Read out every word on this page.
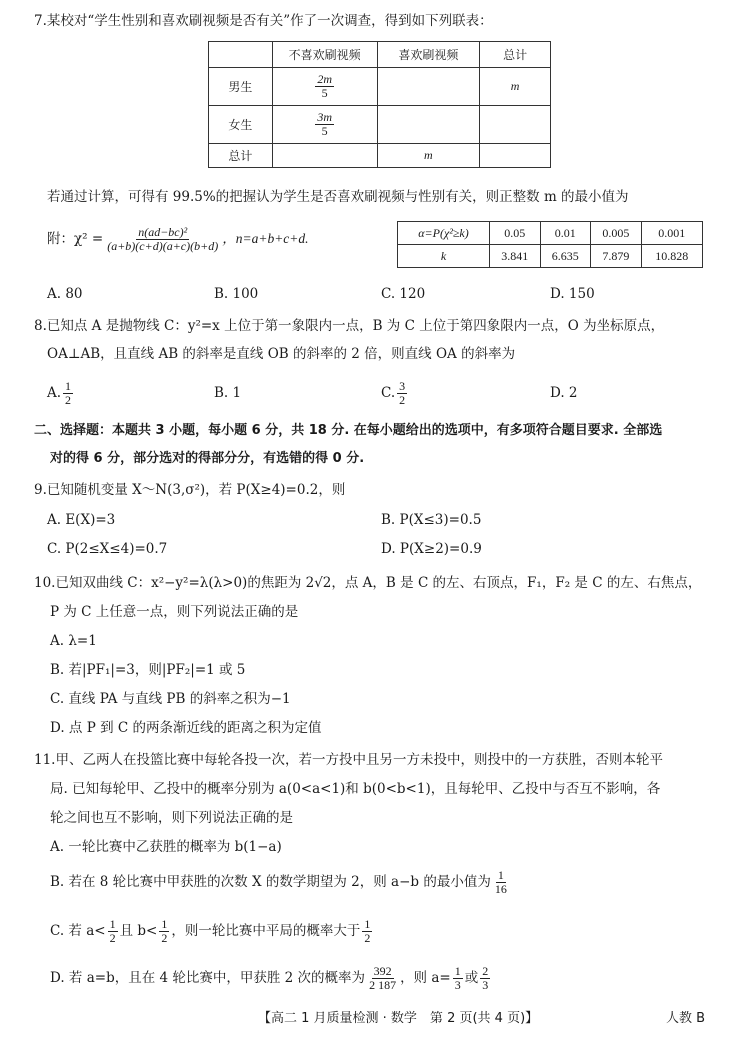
7.某校对“学生性别和喜欢刷视频是否有关”作了一次调查，得到如下列联表：
	不喜欢刷视频	喜欢刷视频	总计
男生	$\frac{2m}{5}$		m
女生	$\frac{3m}{5}$

总计		m	
若通过计算，可得有 99.5%的把握认为学生是否喜欢刷视频与性别有关，则正整数 m 的最小值为
附：$\chi^2 = \frac{\text{n(ad−bc)²}}{(a+b)(c+d)(a+c)(b+d)}$ ，n=a+b+c+d.	α=P(χ²≥k)	0.05	0.01	0.005	0.001
k	3.841	6.635	7.879	10.828
A. 80	B. 100	C. 120	D. 150
8.已知点 A 是抛物线 C：y²=x 上位于第一象限内一点，B 为 C 上位于第四象限内一点，O 为坐标原点，
OA⊥AB，且直线 AB 的斜率是直线 OB 的斜率的 2 倍，则直线 OA 的斜率为
A. $\frac{1}{2}$	B. 1	C. $\frac{3}{2}$	D. 2
二、选择题：本题共 3 小题，每小题 6 分，共 18 分. 在每小题给出的选项中，有多项符合题目要求. 全部选
对的得 6 分，部分选对的得部分分，有选错的得 0 分.
9.已知随机变量 X～N(3,σ²)，若 P(X≥4)=0.2，则
A. E(X)=3	B. P(X≤3)=0.5
C. P(2≤X≤4)=0.7	D. P(X≥2)=0.9
10.已知双曲线 C：x²−y²=λ(λ>0)的焦距为 2√2，点 A，B 是 C 的左、右顶点，F₁，F₂ 是 C 的左、右焦点，
P 为 C 上任意一点，则下列说法正确的是
A. λ=1
B. 若|PF₁|=3，则|PF₂|=1 或 5
C. 直线 PA 与直线 PB 的斜率之积为−1
D. 点 P 到 C 的两条渐近线的距离之积为定值
11.甲、乙两人在投篮比赛中每轮各投一次，若一方投中且另一方未投中，则投中的一方获胜，否则本轮平
局. 已知每轮甲、乙投中的概率分别为 a(0<a<1)和 b(0<b<1)，且每轮甲、乙投中与否互不影响，各
轮之间也互不影响，则下列说法正确的是
A. 一轮比赛中乙获胜的概率为 b(1−a)
B. 若在 8 轮比赛中甲获胜的次数 X 的数学期望为 2，则 a−b 的最小值为 $\frac{1}{16}$
C. 若 $a< \frac{1}{2}$ 且 $b< \frac{1}{2}$ ，则一轮比赛中平局的概率大于 $\frac{1}{2}$
D. 若 a=b，且在 4 轮比赛中，甲获胜 2 次的概率为 $\frac{392}{2 187}$ ，则 $a= \frac{1}{3}$ 或 $\frac{2}{3}$
【高二 1 月质量检测 · 数学　第 2 页(共 4 页)】	人教 B
